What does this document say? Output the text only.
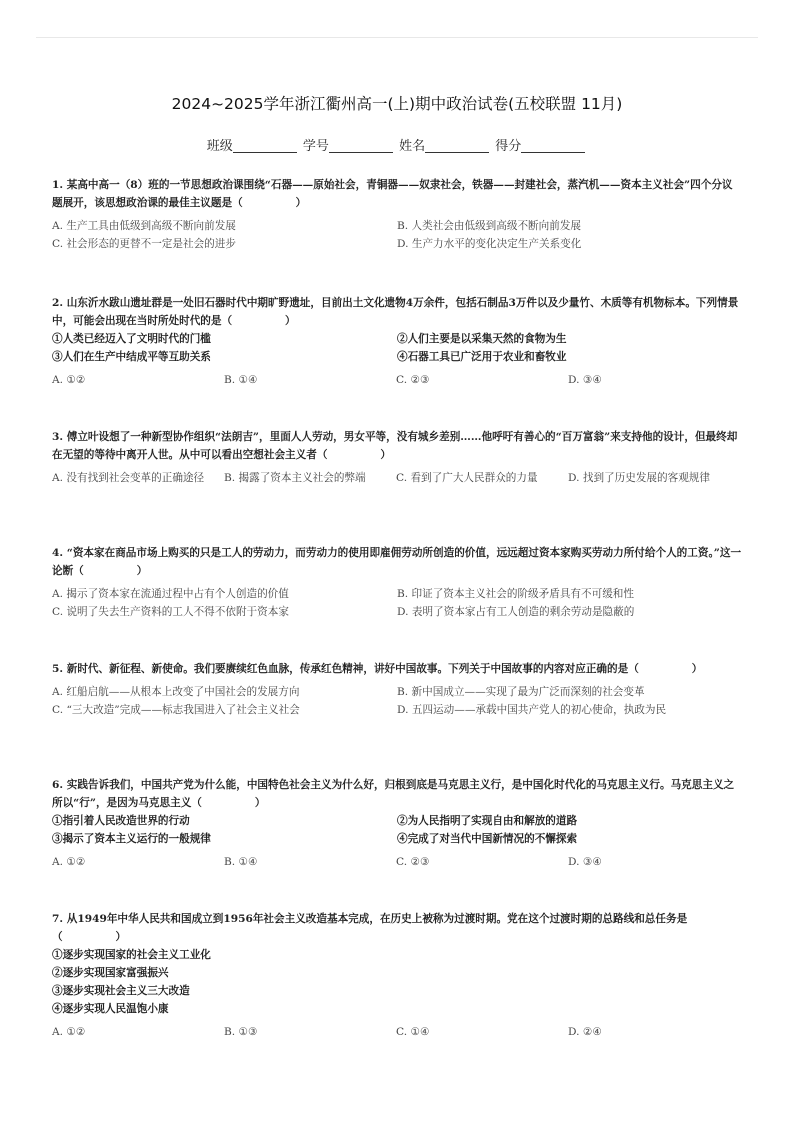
2024~2025学年浙江衢州高一(上)期中政治试卷(五校联盟 11月)
班级	学号	姓名	得分
1. 某高中高一（8）班的一节思想政治课围绕“石器——原始社会，青铜器——奴隶社会，铁器——封建社会，蒸汽机——资本主义社会”四个分议题展开，该思想政治课的最佳主议题是（　　　　　）
A. 生产工具由低级到高级不断向前发展	B. 人类社会由低级到高级不断向前发展
C. 社会形态的更替不一定是社会的进步	D. 生产力水平的变化决定生产关系变化
2. 山东沂水跋山遗址群是一处旧石器时代中期旷野遗址，目前出土文化遗物4万余件，包括石制品3万件以及少量竹、木质等有机物标本。下列情景中，可能会出现在当时所处时代的是（　　　　　）
①人类已经迈入了文明时代的门槛	②人们主要是以采集天然的食物为生
③人们在生产中结成平等互助关系	④石器工具已广泛用于农业和畜牧业
A. ①②	B. ①④	C. ②③	D. ③④
3. 傅立叶设想了一种新型协作组织“法朗吉”，里面人人劳动，男女平等，没有城乡差别……他呼吁有善心的“百万富翁”来支持他的设计，但最终却在无望的等待中离开人世。从中可以看出空想社会主义者（　　　　　）
A. 没有找到社会变革的正确途径	B. 揭露了资本主义社会的弊端	C. 看到了广大人民群众的力量	D. 找到了历史发展的客观规律
4. “资本家在商品市场上购买的只是工人的劳动力，而劳动力的使用即雇佣劳动所创造的价值，远远超过资本家购买劳动力所付给个人的工资。”这一论断（　　　　　）
A. 揭示了资本家在流通过程中占有个人创造的价值	B. 印证了资本主义社会的阶级矛盾具有不可缓和性
C. 说明了失去生产资料的工人不得不依附于资本家	D. 表明了资本家占有工人创造的剩余劳动是隐蔽的
5. 新时代、新征程、新使命。我们要赓续红色血脉，传承红色精神，讲好中国故事。下列关于中国故事的内容对应正确的是（　　　　　）
A. 红船启航——从根本上改变了中国社会的发展方向	B. 新中国成立——实现了最为广泛而深刻的社会变革
C. “三大改造”完成——标志我国进入了社会主义社会	D. 五四运动——承载中国共产党人的初心使命，执政为民
6. 实践告诉我们，中国共产党为什么能，中国特色社会主义为什么好，归根到底是马克思主义行，是中国化时代化的马克思主义行。马克思主义之所以“行”，是因为马克思主义（　　　　　）
①指引着人民改造世界的行动	②为人民指明了实现自由和解放的道路
③揭示了资本主义运行的一般规律	④完成了对当代中国新情况的不懈探索
A. ①②	B. ①④	C. ②③	D. ③④
7. 从1949年中华人民共和国成立到1956年社会主义改造基本完成，在历史上被称为过渡时期。党在这个过渡时期的总路线和总任务是（　　　　　）
①逐步实现国家的社会主义工业化
②逐步实现国家富强振兴
③逐步实现社会主义三大改造
④逐步实现人民温饱小康
A. ①②	B. ①③	C. ①④	D. ②④
